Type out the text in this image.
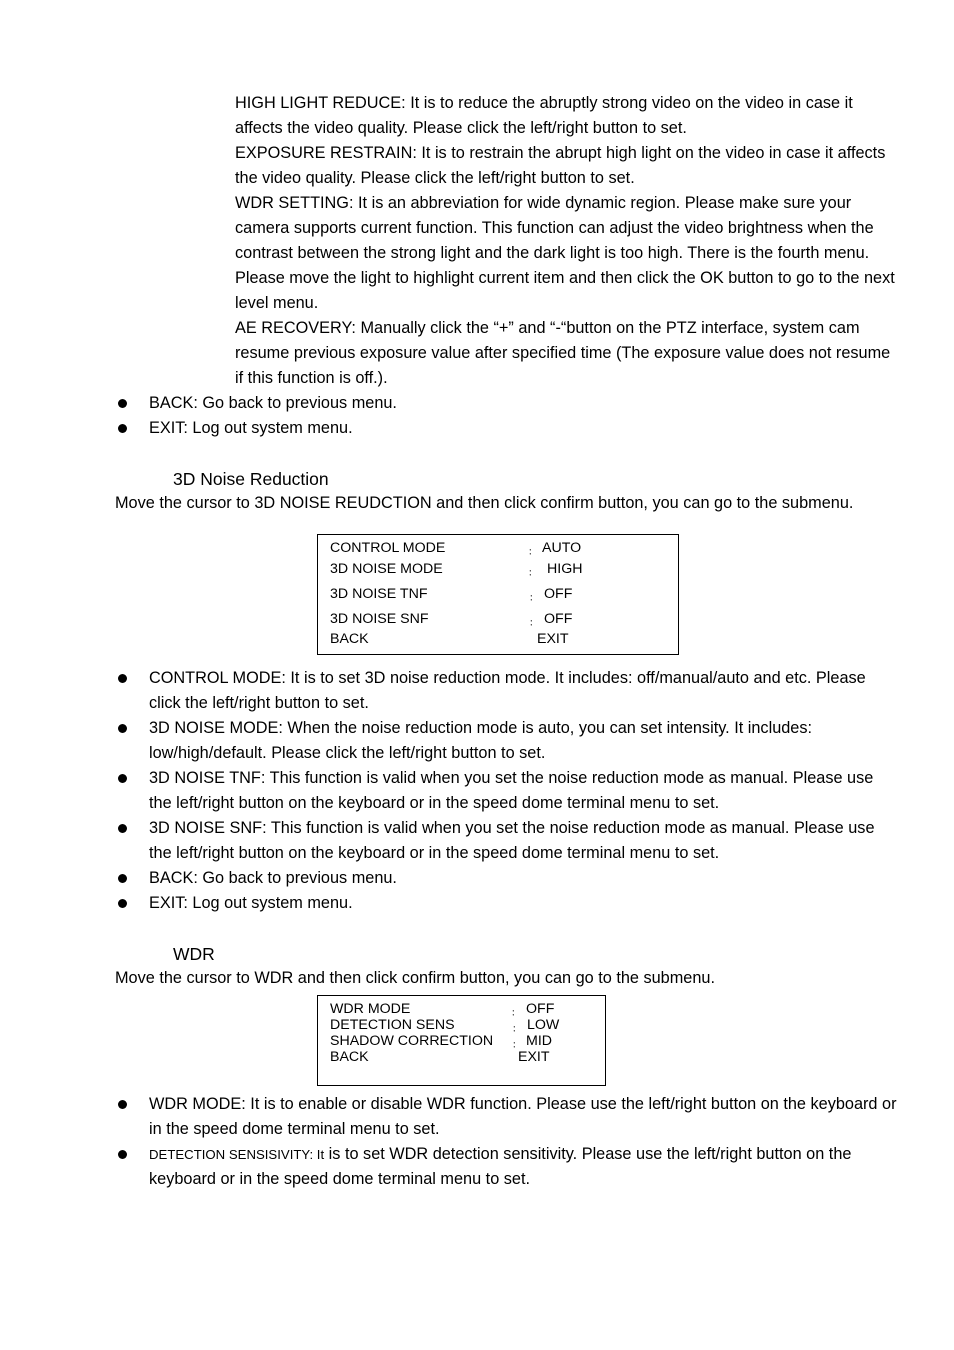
HIGH LIGHT REDUCE: It is to reduce the abruptly strong video on the video in case it
affects the video quality. Please click the left/right button to set.
EXPOSURE RESTRAIN: It is to restrain the abrupt high light on the video in case it affects
the video quality. Please click the left/right button to set.
WDR SETTING: It is an abbreviation for wide dynamic region. Please make sure your
camera supports current function. This function can adjust the video brightness when the
contrast between the strong light and the dark light is too high. There is the fourth menu.
Please move the light to highlight current item and then click the OK button to go to the next
level menu.
AE RECOVERY: Manually click the “+” and “-“button on the PTZ interface, system cam
resume previous exposure value after specified time (The exposure value does not resume
if this function is off.).
BACK: Go back to previous menu.
EXIT: Log out system menu.
3D Noise Reduction
Move the cursor to 3D NOISE REUDCTION and then click confirm button, you can go to the submenu.
CONTROL MODE	： AUTO
3D NOISE MODE	： HIGH
3D NOISE TNF	： OFF
3D NOISE SNF	： OFF
BACK	EXIT
CONTROL MODE: It is to set 3D noise reduction mode. It includes: off/manual/auto and etc. Please
click the left/right button to set.
3D NOISE MODE: When the noise reduction mode is auto, you can set intensity. It includes:
low/high/default. Please click the left/right button to set.
3D NOISE TNF: This function is valid when you set the noise reduction mode as manual. Please use
the left/right button on the keyboard or in the speed dome terminal menu to set.
3D NOISE SNF: This function is valid when you set the noise reduction mode as manual. Please use
the left/right button on the keyboard or in the speed dome terminal menu to set.
BACK: Go back to previous menu.
EXIT: Log out system menu.
WDR
Move the cursor to WDR and then click confirm button, you can go to the submenu.
WDR MODE	： OFF
DETECTION SENS	： LOW
SHADOW CORRECTION ： MID
BACK	EXIT
WDR MODE: It is to enable or disable WDR function. Please use the left/right button on the keyboard or
in the speed dome terminal menu to set.
DETECTION SENSISIVITY: It is to set WDR detection sensitivity. Please use the left/right button on the
keyboard or in the speed dome terminal menu to set.
